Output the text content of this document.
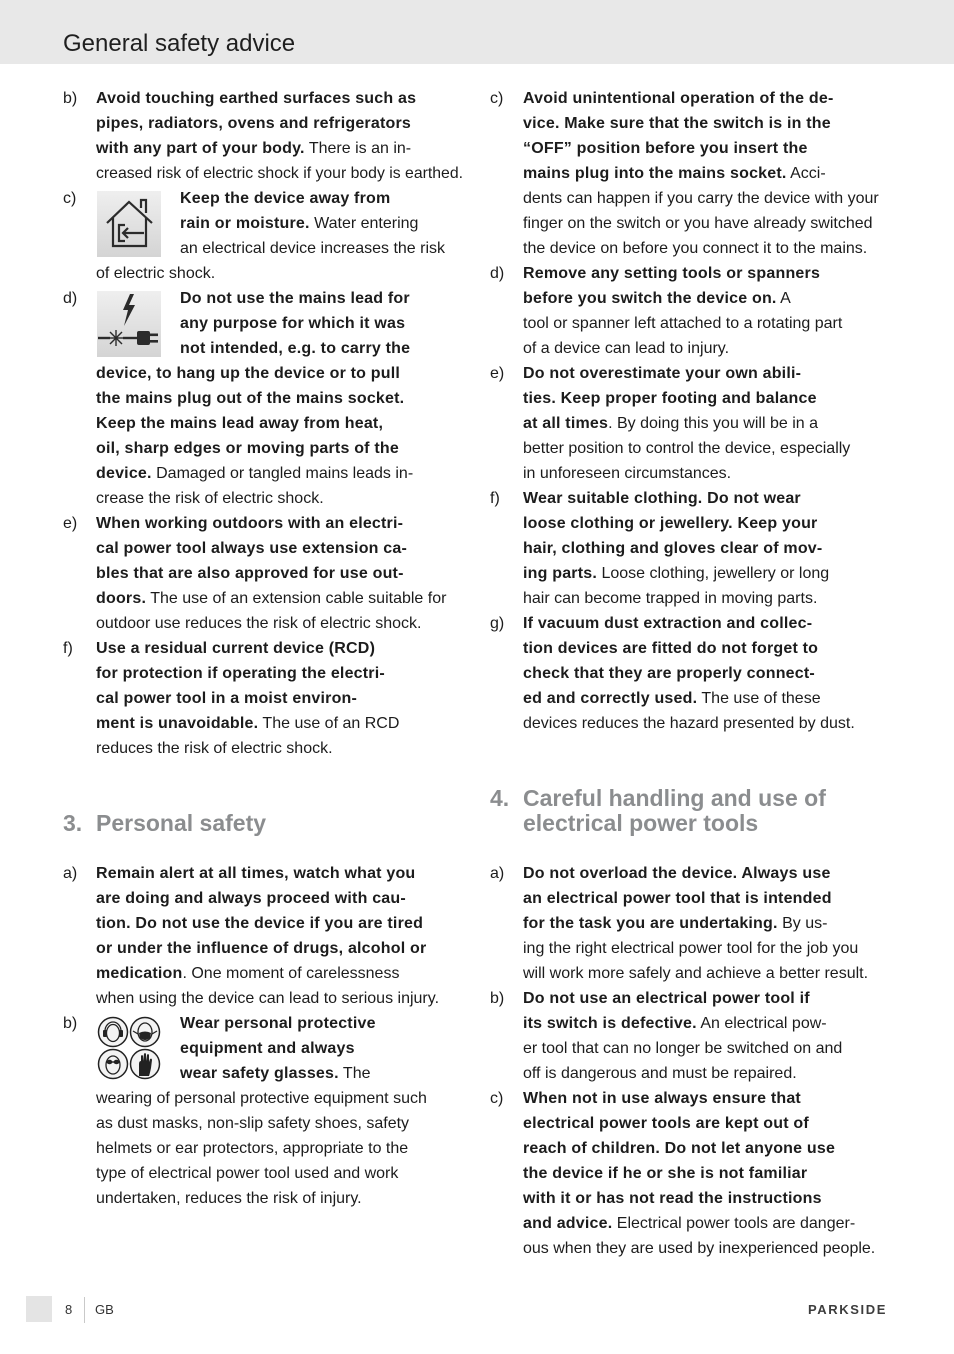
General safety advice
b) Avoid touching earthed surfaces such as
pipes, radiators, ovens and refrigerators
with any part of your body. There is an in-
creased risk of electric shock if your body is earthed.
c)	Keep the device away from
rain or moisture. Water entering
an electrical device increases the risk
of electric shock.
d)	Do not use the mains lead for
any purpose for which it was
not intended, e.g. to carry the
device, to hang up the device or to pull
the mains plug out of the mains socket.
Keep the mains lead away from heat,
oil, sharp edges or moving parts of the
device. Damaged or tangled mains leads in-
crease the risk of electric shock.
e) When working outdoors with an electri-
cal power tool always use extension ca-
bles that are also approved for use out-
doors. The use of an extension cable suitable for
outdoor use reduces the risk of electric shock.
f) Use a residual current device (RCD)
for protection if operating the electri-
cal power tool in a moist environ-
ment is unavoidable. The use of an RCD
reduces the risk of electric shock.
3. Personal safety
a) Remain alert at all times, watch what you
are doing and always proceed with cau-
tion. Do not use the device if you are tired
or under the influence of drugs, alcohol or
medication. One moment of carelessness
when using the device can lead to serious injury.
b)	Wear personal protective
equipment and always
wear safety glasses. The
wearing of personal protective equipment such
as dust masks, non-slip safety shoes, safety
helmets or ear protectors, appropriate to the
type of electrical power tool used and work
undertaken, reduces the risk of injury.
c) Avoid unintentional operation of the de-
vice. Make sure that the switch is in the
“OFF” position before you insert the
mains plug into the mains socket. Acci-
dents can happen if you carry the device with your
finger on the switch or you have already switched
the device on before you connect it to the mains.
d) Remove any setting tools or spanners
before you switch the device on. A
tool or spanner left attached to a rotating part
of a device can lead to injury.
e) Do not overestimate your own abili-
ties. Keep proper footing and balance
at all times. By doing this you will be in a
better position to control the device, especially
in unforeseen circumstances.
f) Wear suitable clothing. Do not wear
loose clothing or jewellery. Keep your
hair, clothing and gloves clear of mov-
ing parts. Loose clothing, jewellery or long
hair can become trapped in moving parts.
g) If vacuum dust extraction and collec-
tion devices are fitted do not forget to
check that they are properly connect-
ed and correctly used. The use of these
devices reduces the hazard presented by dust.
4. Careful handling and use of
electrical power tools
a) Do not overload the device. Always use
an electrical power tool that is intended
for the task you are undertaking. By us-
ing the right electrical power tool for the job you
will work more safely and achieve a better result.
b) Do not use an electrical power tool if
its switch is defective. An electrical pow-
er tool that can no longer be switched on and
off is dangerous and must be repaired.
c) When not in use always ensure that
electrical power tools are kept out of
reach of children. Do not let anyone use
the device if he or she is not familiar
with it or has not read the instructions
and advice. Electrical power tools are danger-
ous when they are used by inexperienced people.
8 GB	PARKSIDE
